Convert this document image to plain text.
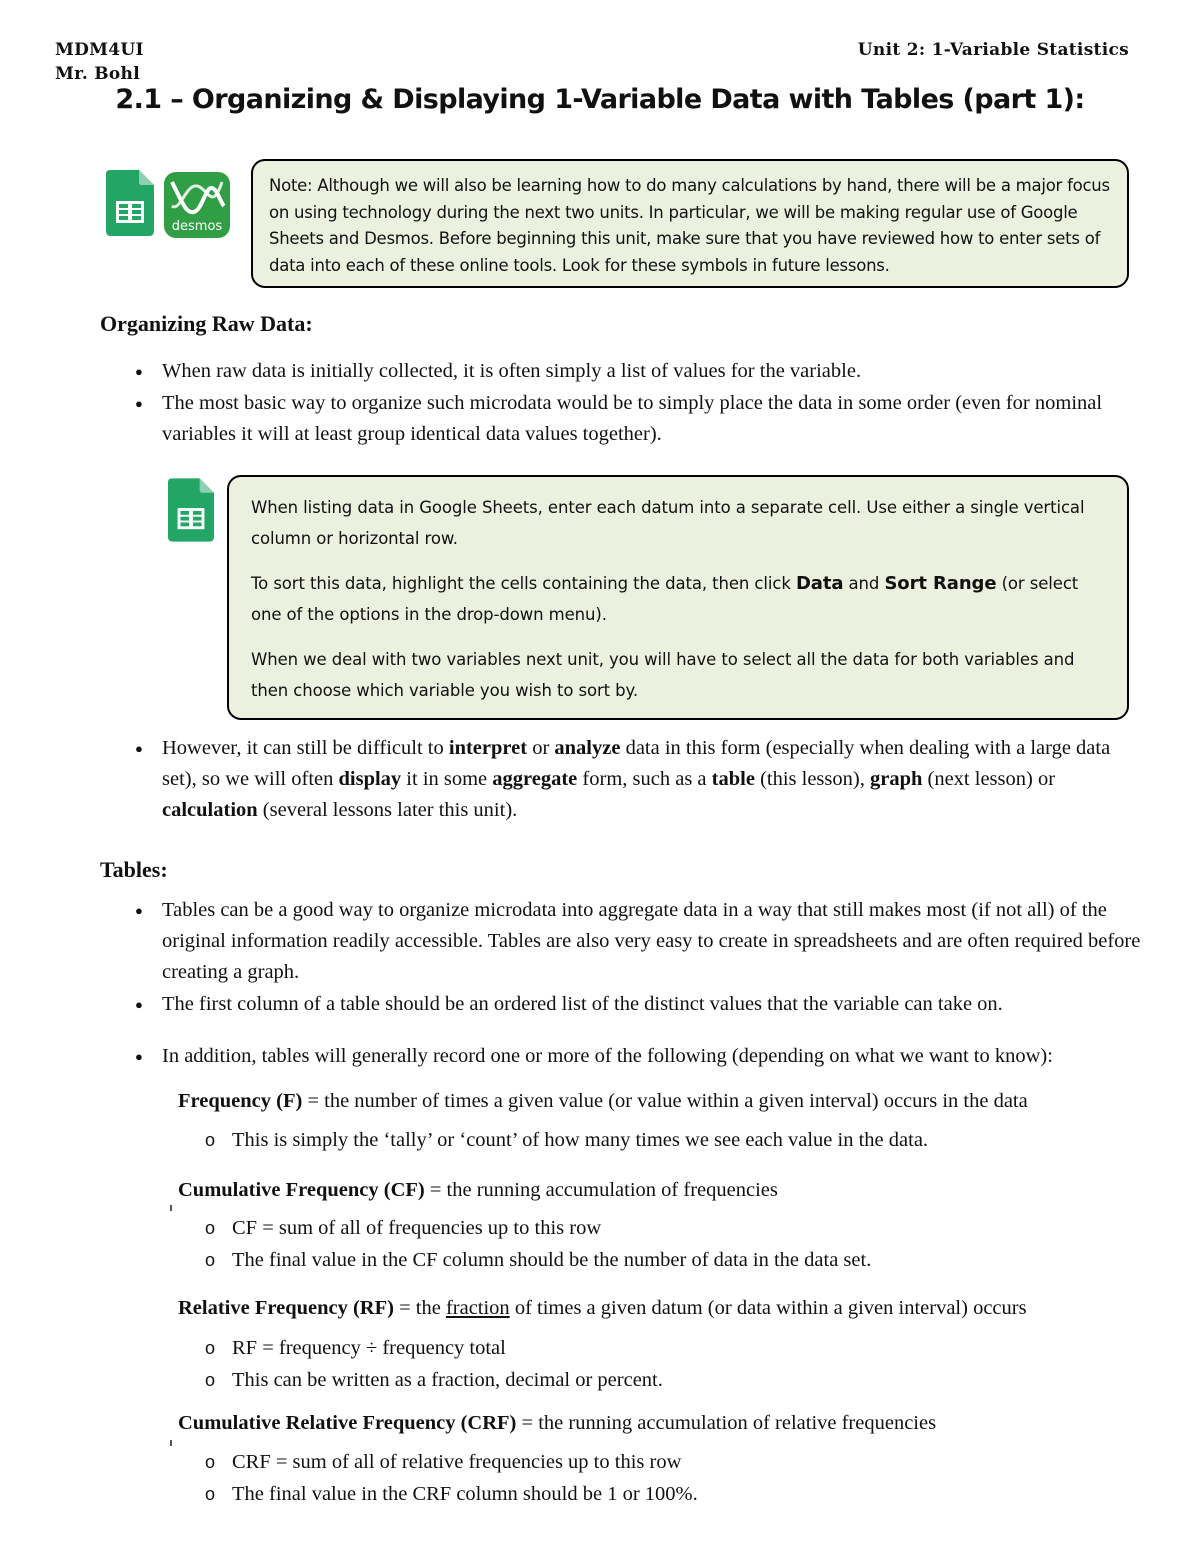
MDM4UI
Mr. Bohl
Unit 2: 1-Variable Statistics
2.1 – Organizing & Displaying 1-Variable Data with Tables (part 1):
desmos
Note: Although we will also be learning how to do many calculations by hand, there will be a major focus on using technology during the next two units. In particular, we will be making regular use of Google Sheets and Desmos. Before beginning this unit, make sure that you have reviewed how to enter sets of data into each of these online tools. Look for these symbols in future lessons.
Organizing Raw Data:
● When raw data is initially collected, it is often simply a list of values for the variable.
● The most basic way to organize such microdata would be to simply place the data in some order (even for nominal variables it will at least group identical data values together).

When listing data in Google Sheets, enter each datum into a separate cell. Use either a single vertical column or horizontal row.

To sort this data, highlight the cells containing the data, then click Data and Sort Range (or select one of the options in the drop-down menu).

When we deal with two variables next unit, you will have to select all the data for both variables and then choose which variable you wish to sort by.

● However, it can still be difficult to interpret or analyze data in this form (especially when dealing with a large data set), so we will often display it in some aggregate form, such as a table (this lesson), graph (next lesson) or calculation (several lessons later this unit).
Tables:
● Tables can be a good way to organize microdata into aggregate data in a way that still makes most (if not all) of the original information readily accessible. Tables are also very easy to create in spreadsheets and are often required before creating a graph.
● The first column of a table should be an ordered list of the distinct values that the variable can take on.
● In addition, tables will generally record one or more of the following (depending on what we want to know):
Frequency (F) = the number of times a given value (or value within a given interval) occurs in the data
o This is simply the ‘tally’ or ‘count’ of how many times we see each value in the data.
Cumulative Frequency (CF) = the running accumulation of frequencies
o CF = sum of all of frequencies up to this row
o The final value in the CF column should be the number of data in the data set.
Relative Frequency (RF) = the fraction of times a given datum (or data within a given interval) occurs
o RF = frequency ÷ frequency total
o This can be written as a fraction, decimal or percent.
Cumulative Relative Frequency (CRF) = the running accumulation of relative frequencies
o CRF = sum of all of relative frequencies up to this row
o The final value in the CRF column should be 1 or 100%.
